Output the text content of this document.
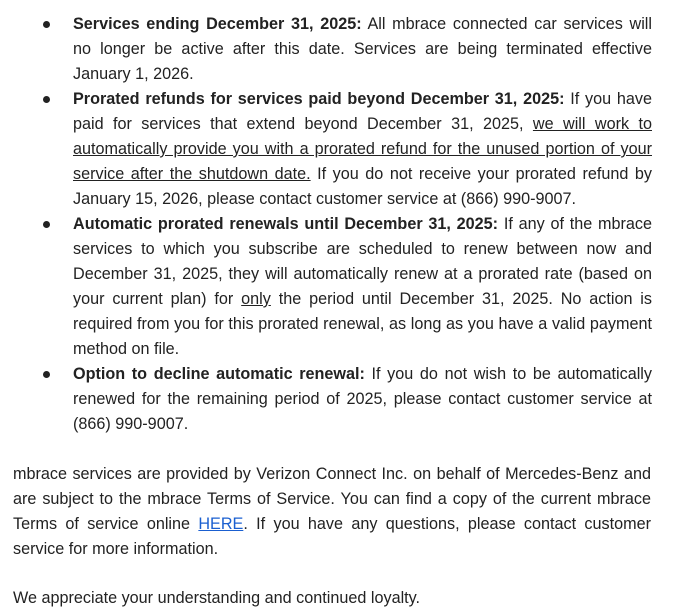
Services ending December 31, 2025: All mbrace connected car services will no longer be active after this date. Services are being terminated effective January 1, 2026.
Prorated refunds for services paid beyond December 31, 2025: If you have paid for services that extend beyond December 31, 2025, we will work to automatically provide you with a prorated refund for the unused portion of your service after the shutdown date. If you do not receive your prorated refund by January 15, 2026, please contact customer service at (866) 990-9007.
Automatic prorated renewals until December 31, 2025: If any of the mbrace services to which you subscribe are scheduled to renew between now and December 31, 2025, they will automatically renew at a prorated rate (based on your current plan) for only the period until December 31, 2025. No action is required from you for this prorated renewal, as long as you have a valid payment method on file.
Option to decline automatic renewal: If you do not wish to be automatically renewed for the remaining period of 2025, please contact customer service at (866) 990-9007.

mbrace services are provided by Verizon Connect Inc. on behalf of Mercedes-Benz and are subject to the mbrace Terms of Service. You can find a copy of the current mbrace Terms of service online HERE. If you have any questions, please contact customer service for more information.

We appreciate your understanding and continued loyalty.
